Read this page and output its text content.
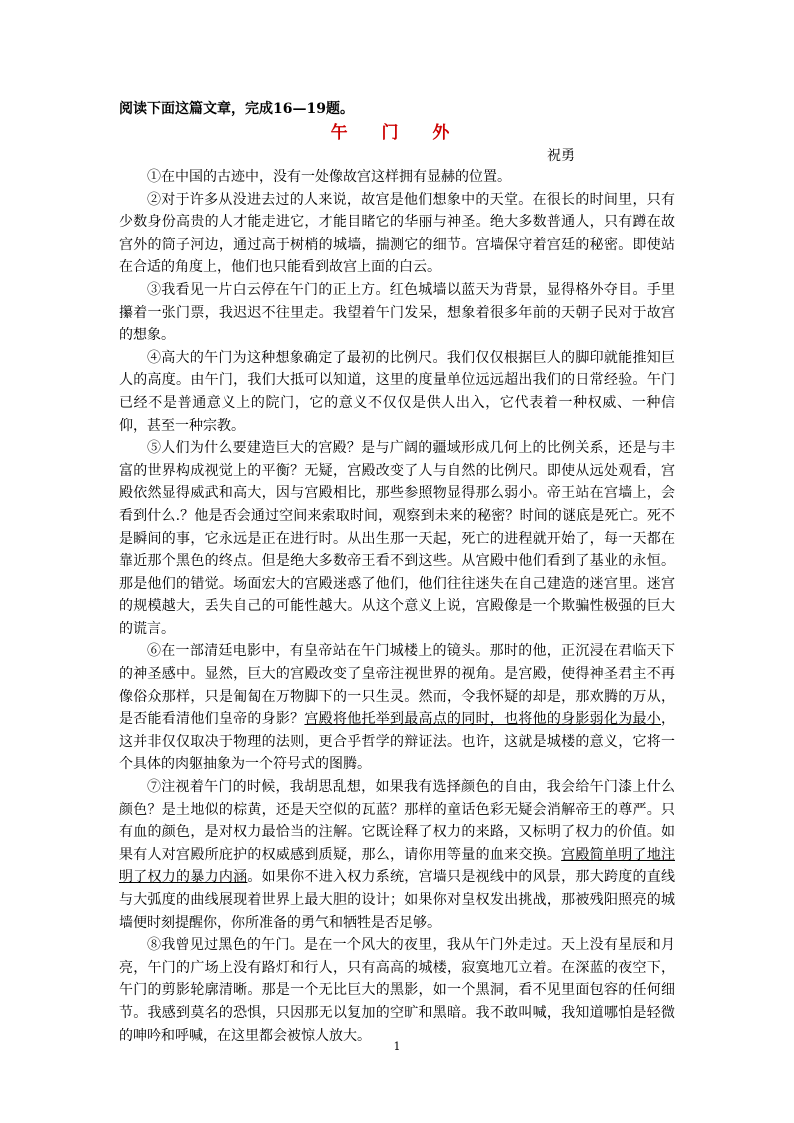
阅读下面这篇文章，完成16—19题。

午 门 外

祝勇

①在中国的古迹中，没有一处像故宫这样拥有显赫的位置。

②对于许多从没进去过的人来说，故宫是他们想象中的天堂。在很长的时间里，只有少数身份高贵的人才能走进它，才能目睹它的华丽与神圣。绝大多数普通人，只有蹲在故宫外的筒子河边，通过高于树梢的城墙，揣测它的细节。宫墙保守着宫廷的秘密。即使站在合适的角度上，他们也只能看到故宫上面的白云。

③我看见一片白云停在午门的正上方。红色城墙以蓝天为背景，显得格外夺目。手里攥着一张门票，我迟迟不往里走。我望着午门发呆，想象着很多年前的天朝子民对于故宫的想象。

④高大的午门为这种想象确定了最初的比例尺。我们仅仅根据巨人的脚印就能推知巨人的高度。由午门，我们大抵可以知道，这里的度量单位远远超出我们的日常经验。午门已经不是普通意义上的院门，它的意义不仅仅是供人出入，它代表着一种权威、一种信仰，甚至一种宗教。

⑤人们为什么要建造巨大的宫殿？是与广阔的疆域形成几何上的比例关系，还是与丰富的世界构成视觉上的平衡？无疑，宫殿改变了人与自然的比例尺。即使从远处观看，宫殿依然显得威武和高大，因与宫殿相比，那些参照物显得那么弱小。帝王站在宫墙上，会看到什么.？他是否会通过空间来索取时间，观察到未来的秘密？时间的谜底是死亡。死不是瞬间的事，它永远是正在进行时。从出生那一天起，死亡的进程就开始了，每一天都在靠近那个黑色的终点。但是绝大多数帝王看不到这些。从宫殿中他们看到了基业的永恒。那是他们的错觉。场面宏大的宫殿迷惑了他们，他们往往迷失在自己建造的迷宫里。迷宫的规模越大，丢失自己的可能性越大。从这个意义上说，宫殿像是一个欺骗性极强的巨大的谎言。

⑥在一部清廷电影中，有皇帝站在午门城楼上的镜头。那时的他，正沉浸在君临天下的神圣感中。显然，巨大的宫殿改变了皇帝注视世界的视角。是宫殿，使得神圣君主不再像俗众那样，只是匍匐在万物脚下的一只生灵。然而，令我怀疑的却是，那欢腾的万从，是否能看清他们皇帝的身影？宫殿将他托举到最高点的同时，也将他的身影弱化为最小，这并非仅仅取决于物理的法则，更合乎哲学的辩证法。也许，这就是城楼的意义，它将一个具体的肉躯抽象为一个符号式的图腾。

⑦注视着午门的时候，我胡思乱想，如果我有选择颜色的自由，我会给午门漆上什么颜色？是土地似的棕黄，还是天空似的瓦蓝？那样的童话色彩无疑会消解帝王的尊严。只有血的颜色，是对权力最恰当的注解。它既诠释了权力的来路，又标明了权力的价值。如果有人对宫殿所庇护的权威感到质疑，那么，请你用等量的血来交换。宫殿简单明了地注明了权力的暴力内涵。如果你不进入权力系统，宫墙只是视线中的风景，那大跨度的直线与大弧度的曲线展现着世界上最大胆的设计；如果你对皇权发出挑战，那被残阳照亮的城墙便时刻提醒你，你所准备的勇气和牺牲是否足够。

⑧我曾见过黑色的午门。是在一个风大的夜里，我从午门外走过。天上没有星辰和月亮，午门的广场上没有路灯和行人，只有高高的城楼，寂寞地兀立着。在深蓝的夜空下，午门的剪影轮廓清晰。那是一个无比巨大的黑影，如一个黑洞，看不见里面包容的任何细节。我感到莫名的恐惧，只因那无以复加的空旷和黑暗。我不敢叫喊，我知道哪怕是轻微的呻吟和呼喊，在这里都会被惊人放大。

1
